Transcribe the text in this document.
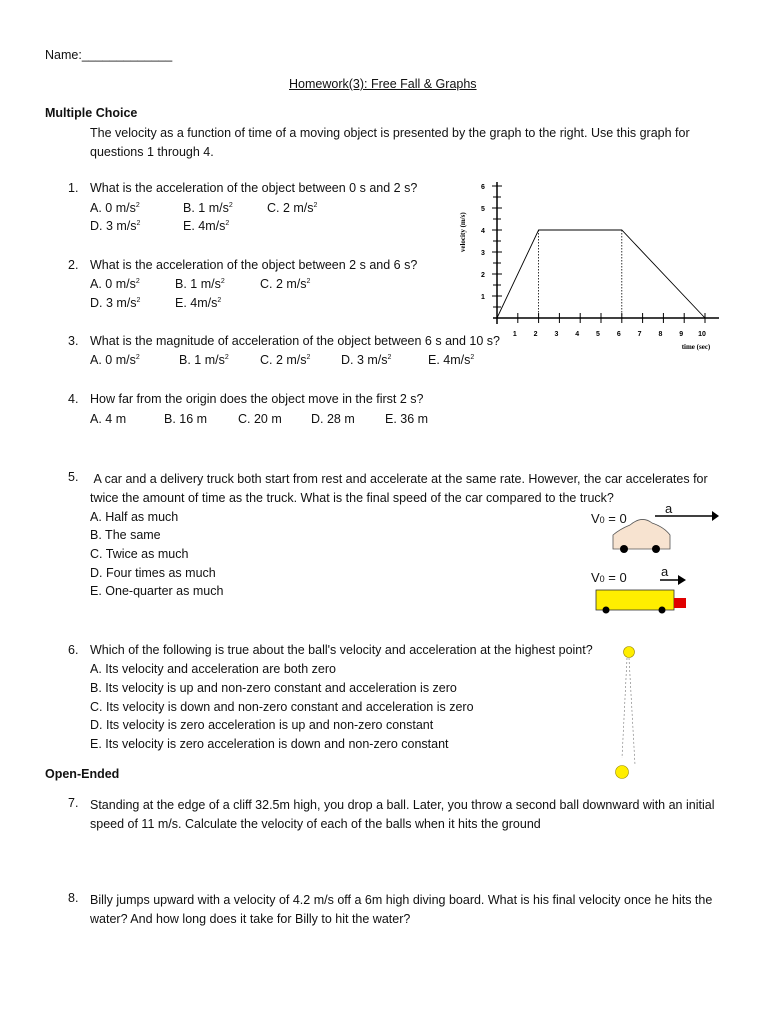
Name:_____________
Homework(3): Free Fall & Graphs
Multiple Choice
The velocity as a function of time of a moving object is presented by the graph to the right. Use this graph for questions 1 through 4.
1. What is the acceleration of the object between 0 s and 2 s?
A. 0 $m/s^2$	B. 1 $m/s^2$	C. 2 $m/s^2$
D. 3 $m/s^2$	E. $4m/s^2$
2. What is the acceleration of the object between 2 s and 6 s?
A. 0 $m/s^2$	B. 1 $m/s^2$	C. 2 $m/s^2$
D. 3 $m/s^2$	E. $4m/s^2$
3. What is the magnitude of acceleration of the object between 6 s and 10 s?
A. 0 $m/s^2$	B. 1 $m/s^2$	C. 2 $m/s^2$ D. 3 $m/s^2$	E. $4m/s^2$
4. How far from the origin does the object move in the first 2 s?
A. 4 m	B. 16 m C. 20 m D. 28 m E. 36 m
1 2 3 4 5 6 7 8 9 10
1
2
3
4
5
6
time (sec)
velocity (m/s)
5. A car and a delivery truck both start from rest and accelerate at the same rate. However, the car accelerates for twice the amount of time as the truck. What is the final speed of the car compared to the truck?
A. Half as much
B. The same
C. Twice as much
D. Four times as much
E. One-quarter as much
V0 = 0
a
V0 = 0	a
6. Which of the following is true about the ball's velocity and acceleration at the highest point?
A. Its velocity and acceleration are both zero
B. Its velocity is up and non-zero constant and acceleration is zero
C. Its velocity is down and non-zero constant and acceleration is zero
D. Its velocity is zero acceleration is up and non-zero constant
E. Its velocity is zero acceleration is down and non-zero constant
Open-Ended
7. Standing at the edge of a cliff 32.5m high, you drop a ball. Later, you throw a second ball downward with an initial speed of 11 m/s. Calculate the velocity of each of the balls when it hits the ground
8. Billy jumps upward with a velocity of 4.2 m/s off a 6m high diving board. What is his final velocity once he hits the water? And how long does it take for Billy to hit the water?
